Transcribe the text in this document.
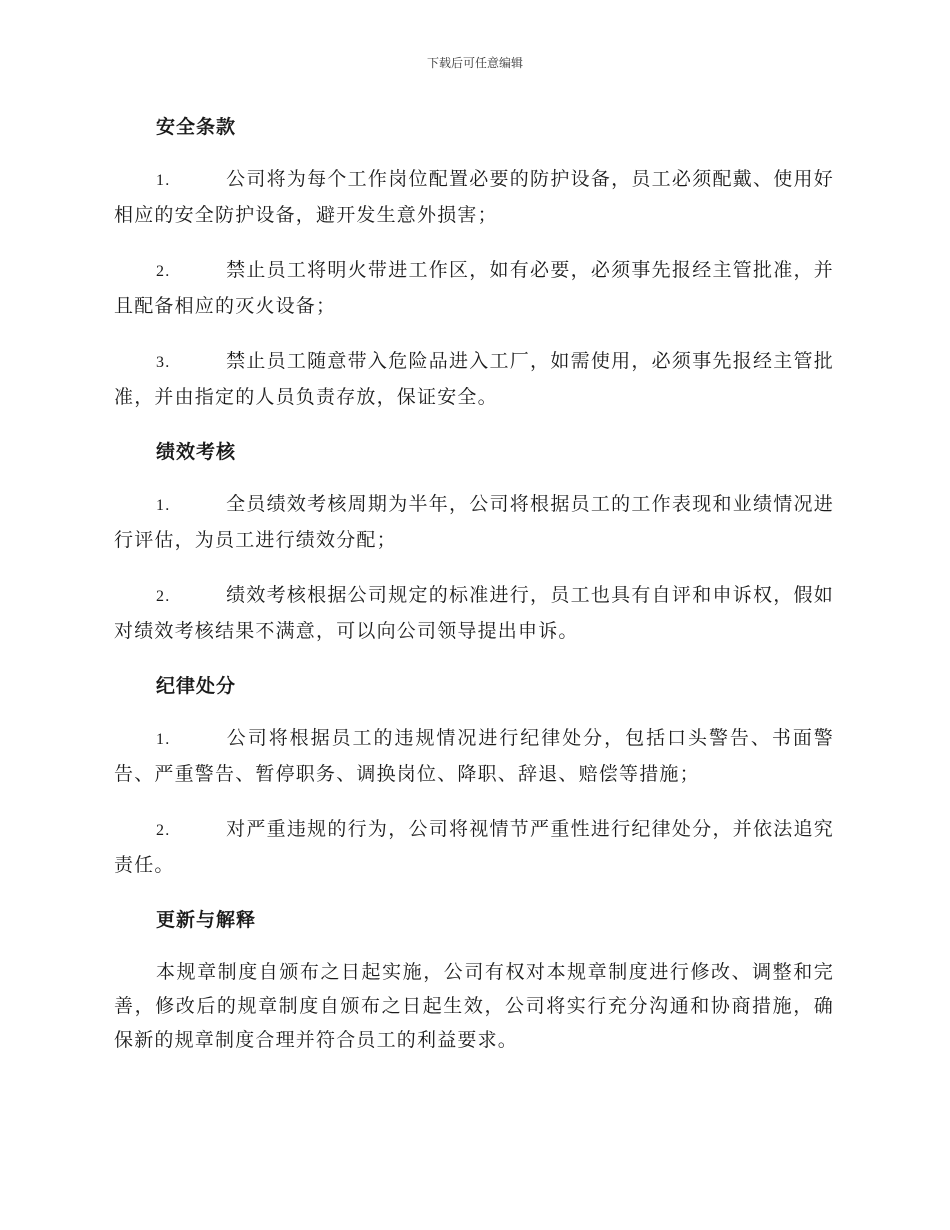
下载后可任意编辑
安全条款

1.	公司将为每个工作岗位配置必要的防护设备，员工必须配戴、使用好相应的安全防护设备，避开发生意外损害；

2.	禁止员工将明火带进工作区，如有必要，必须事先报经主管批准，并且配备相应的灭火设备；

3.	禁止员工随意带入危险品进入工厂，如需使用，必须事先报经主管批准，并由指定的人员负责存放，保证安全。

绩效考核

1.	全员绩效考核周期为半年，公司将根据员工的工作表现和业绩情况进行评估，为员工进行绩效分配；

2.	绩效考核根据公司规定的标准进行，员工也具有自评和申诉权，假如对绩效考核结果不满意，可以向公司领导提出申诉。

纪律处分

1.	公司将根据员工的违规情况进行纪律处分，包括口头警告、书面警告、严重警告、暂停职务、调换岗位、降职、辞退、赔偿等措施；

2.	对严重违规的行为，公司将视情节严重性进行纪律处分，并依法追究责任。

更新与解释

本规章制度自颁布之日起实施，公司有权对本规章制度进行修改、调整和完善，修改后的规章制度自颁布之日起生效，公司将实行充分沟通和协商措施，确保新的规章制度合理并符合员工的利益要求。
